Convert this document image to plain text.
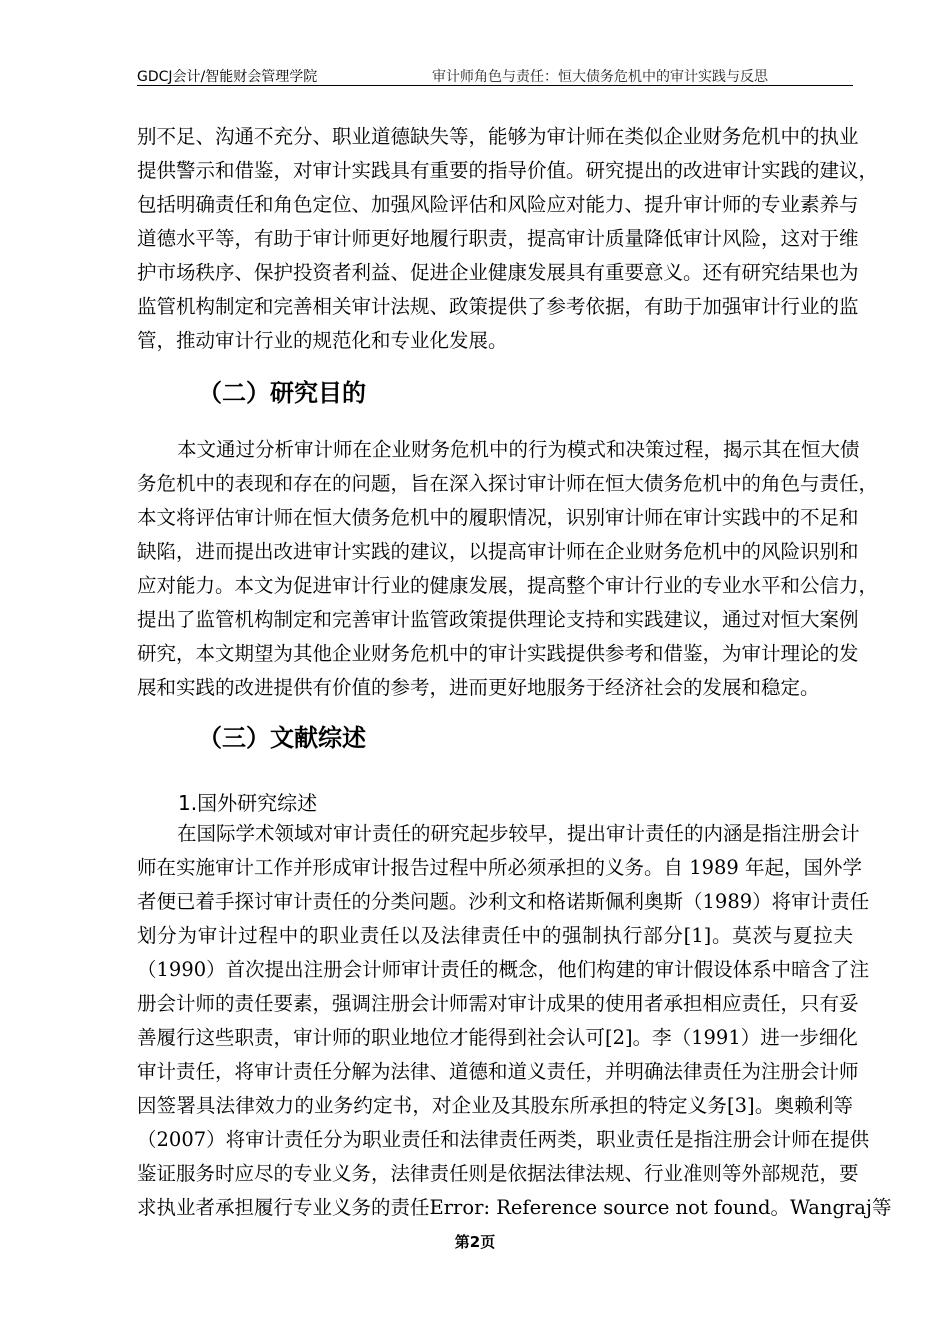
GDCJ会计/智能财会管理学院	审计师角色与责任：恒大债务危机中的审计实践与反思
别不足、沟通不充分、职业道德缺失等，能够为审计师在类似企业财务危机中的执业
提供警示和借鉴，对审计实践具有重要的指导价值。研究提出的改进审计实践的建议，
包括明确责任和角色定位、加强风险评估和风险应对能力、提升审计师的专业素养与
道德水平等，有助于审计师更好地履行职责，提高审计质量降低审计风险，这对于维
护市场秩序、保护投资者利益、促进企业健康发展具有重要意义。还有研究结果也为
监管机构制定和完善相关审计法规、政策提供了参考依据，有助于加强审计行业的监
管，推动审计行业的规范化和专业化发展。
（二）研究目的
本文通过分析审计师在企业财务危机中的行为模式和决策过程，揭示其在恒大债
务危机中的表现和存在的问题，旨在深入探讨审计师在恒大债务危机中的角色与责任，
本文将评估审计师在恒大债务危机中的履职情况，识别审计师在审计实践中的不足和
缺陷，进而提出改进审计实践的建议，以提高审计师在企业财务危机中的风险识别和
应对能力。本文为促进审计行业的健康发展，提高整个审计行业的专业水平和公信力，
提出了监管机构制定和完善审计监管政策提供理论支持和实践建议，通过对恒大案例
研究，本文期望为其他企业财务危机中的审计实践提供参考和借鉴，为审计理论的发
展和实践的改进提供有价值的参考，进而更好地服务于经济社会的发展和稳定。
（三）文献综述
1.国外研究综述
在国际学术领域对审计责任的研究起步较早，提出审计责任的内涵是指注册会计
师在实施审计工作并形成审计报告过程中所必须承担的义务。自 1989 年起，国外学
者便已着手探讨审计责任的分类问题。沙利文和格诺斯佩利奥斯（1989）将审计责任
划分为审计过程中的职业责任以及法律责任中的强制执行部分[1]。莫茨与夏拉夫
（1990）首次提出注册会计师审计责任的概念，他们构建的审计假设体系中暗含了注
册会计师的责任要素，强调注册会计师需对审计成果的使用者承担相应责任，只有妥
善履行这些职责，审计师的职业地位才能得到社会认可[2]。李（1991）进一步细化
审计责任，将审计责任分解为法律、道德和道义责任，并明确法律责任为注册会计师
因签署具法律效力的业务约定书，对企业及其股东所承担的特定义务[3]。奥赖利等
（2007）将审计责任分为职业责任和法律责任两类，职业责任是指注册会计师在提供
鉴证服务时应尽的专业义务，法律责任则是依据法律法规、行业准则等外部规范，要
求执业者承担履行专业义务的责任Error: Reference source not found。Wangraj等
第2页
